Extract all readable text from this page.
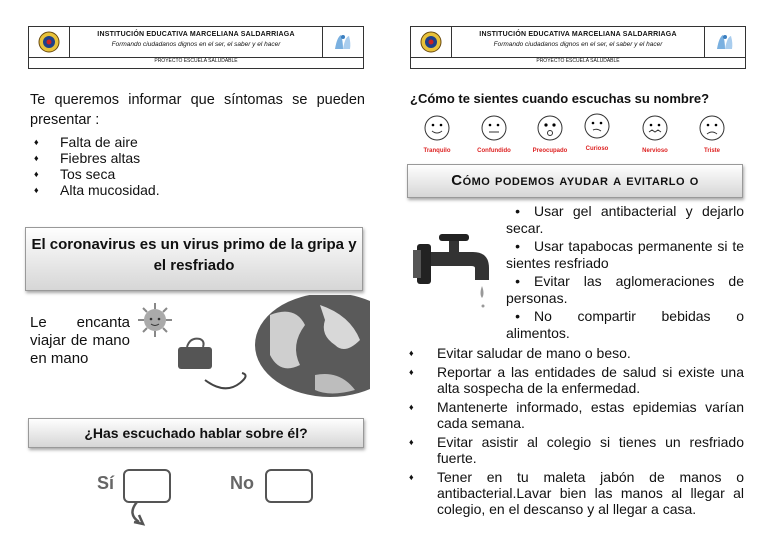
INSTITUCIÓN EDUCATIVA MARCELIANA SALDARRIAGA
Formando ciudadanos dignos en el ser, el saber y el hacer
PROYECTO ESCUELA SALUDABLE
INSTITUCIÓN EDUCATIVA MARCELIANA SALDARRIAGA
Formando ciudadanos dignos en el ser, el saber y el hacer
PROYECTO ESCUELA SALUDABLE
Te queremos informar que síntomas se pueden presentar :
♦ Falta de aire
♦ Fiebres altas
♦ Tos seca
♦ Alta mucosidad.
El coronavirus es un virus primo de la gripa y el resfriado
Le encanta viajar de mano en mano
¿Has escuchado hablar sobre él?
Sí	No
¿Cómo te sientes cuando escuchas su nombre?
Tranquilo	Confundido	Preocupado	Curioso	Nervioso	Triste
Cómo podemos ayudar a evitarlo o
• Usar gel antibacterial y dejarlo secar.
• Usar tapabocas permanente si te sientes resfriado
• Evitar las aglomeraciones de personas.
• No compartir bebidas o alimentos.
♦ Evitar saludar de mano o beso.
♦ Reportar a las entidades de salud si existe una alta sospecha de la enfermedad.
♦ Mantenerte informado, estas epidemias varían cada semana.
♦ Evitar asistir al colegio si tienes un resfriado fuerte.
♦ Tener en tu maleta jabón de manos o antibacterial.Lavar bien las manos al llegar al colegio, en el descanso y al llegar a casa.
